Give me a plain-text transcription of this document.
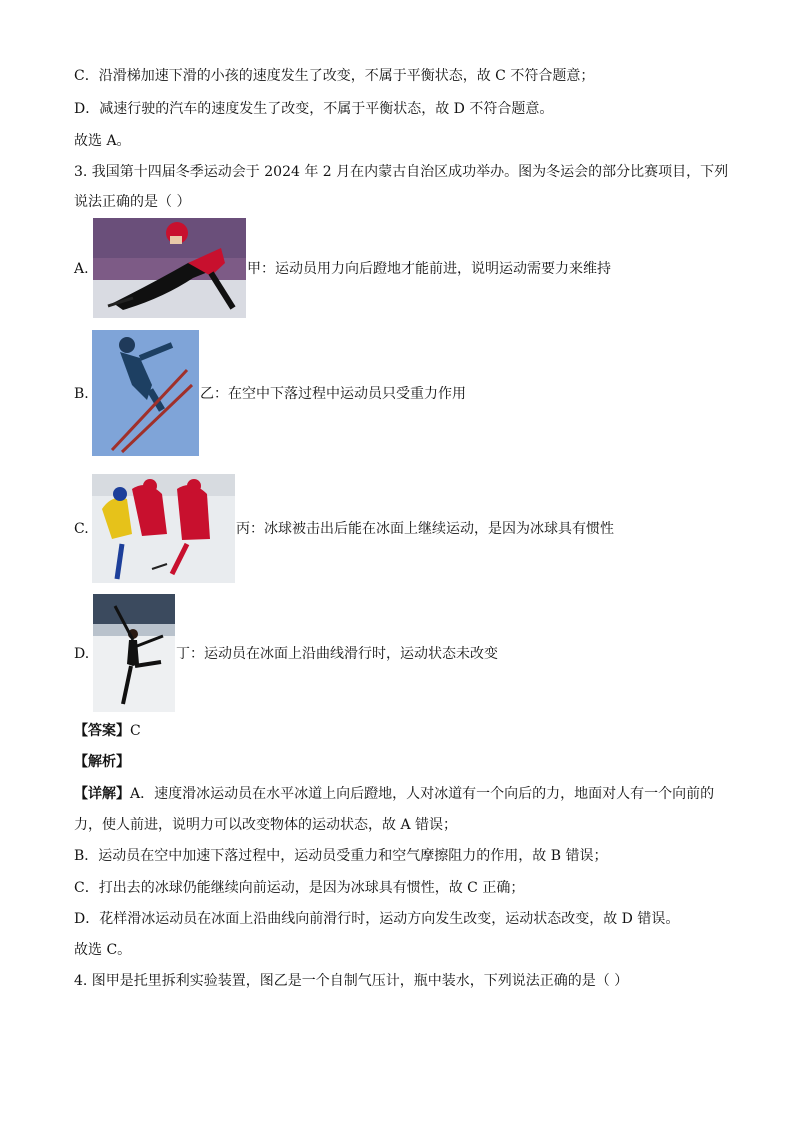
C．沿滑梯加速下滑的小孩的速度发生了改变，不属于平衡状态，故 C 不符合题意；
D．减速行驶的汽车的速度发生了改变，不属于平衡状态，故 D 不符合题意。
故选 A。
3. 我国第十四届冬季运动会于 2024 年 2 月在内蒙古自治区成功举办。图为冬运会的部分比赛项目，下列
说法正确的是（ ）
A.	甲：运动员用力向后蹬地才能前进，说明运动需要力来维持
B.	乙：在空中下落过程中运动员只受重力作用
C.	丙：冰球被击出后能在冰面上继续运动，是因为冰球具有惯性
D.	丁：运动员在冰面上沿曲线滑行时，运动状态未改变
【答案】C
【解析】
【详解】A．速度滑冰运动员在水平冰道上向后蹬地，人对冰道有一个向后的力，地面对人有一个向前的
力，使人前进，说明力可以改变物体的运动状态，故 A 错误；
B．运动员在空中加速下落过程中，运动员受重力和空气摩擦阻力的作用，故 B 错误；
C．打出去的冰球仍能继续向前运动，是因为冰球具有惯性，故 C 正确；
D．花样滑冰运动员在冰面上沿曲线向前滑行时，运动方向发生改变，运动状态改变，故 D 错误。
故选 C。
4. 图甲是托里拆利实验装置，图乙是一个自制气压计，瓶中装水，下列说法正确的是（ ）
